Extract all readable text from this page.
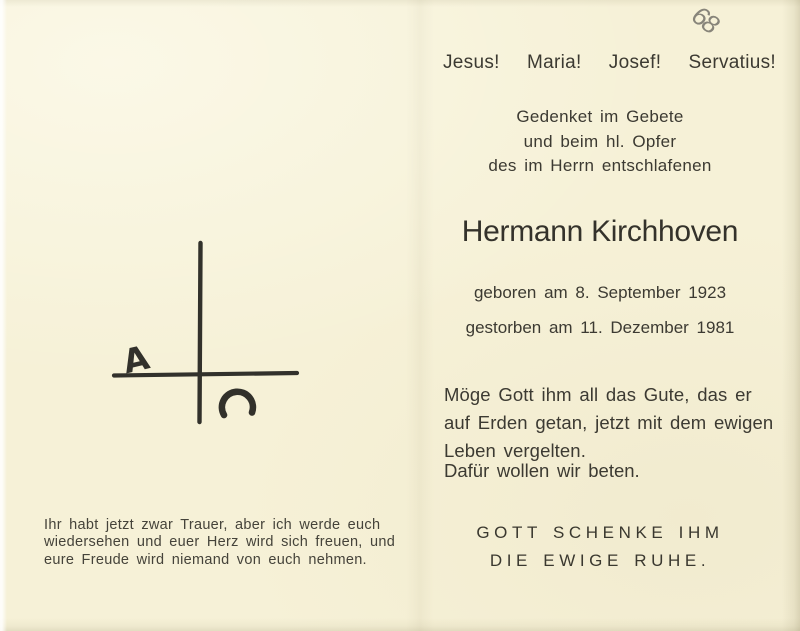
68
A
Ihr habt jetzt zwar Trauer, aber ich werde euch
wiedersehen und euer Herz wird sich freuen, und
eure Freude wird niemand von euch nehmen.
Jesus! Maria! Josef! Servatius!
Gedenket im Gebete
und beim hl. Opfer
des im Herrn entschlafenen
Hermann Kirchhoven
geboren am 8. September 1923
gestorben am 11. Dezember 1981
Möge Gott ihm all das Gute, das er
auf Erden getan, jetzt mit dem ewigen
Leben vergelten.
Dafür wollen wir beten.
GOTT SCHENKE IHM
DIE EWIGE RUHE.
